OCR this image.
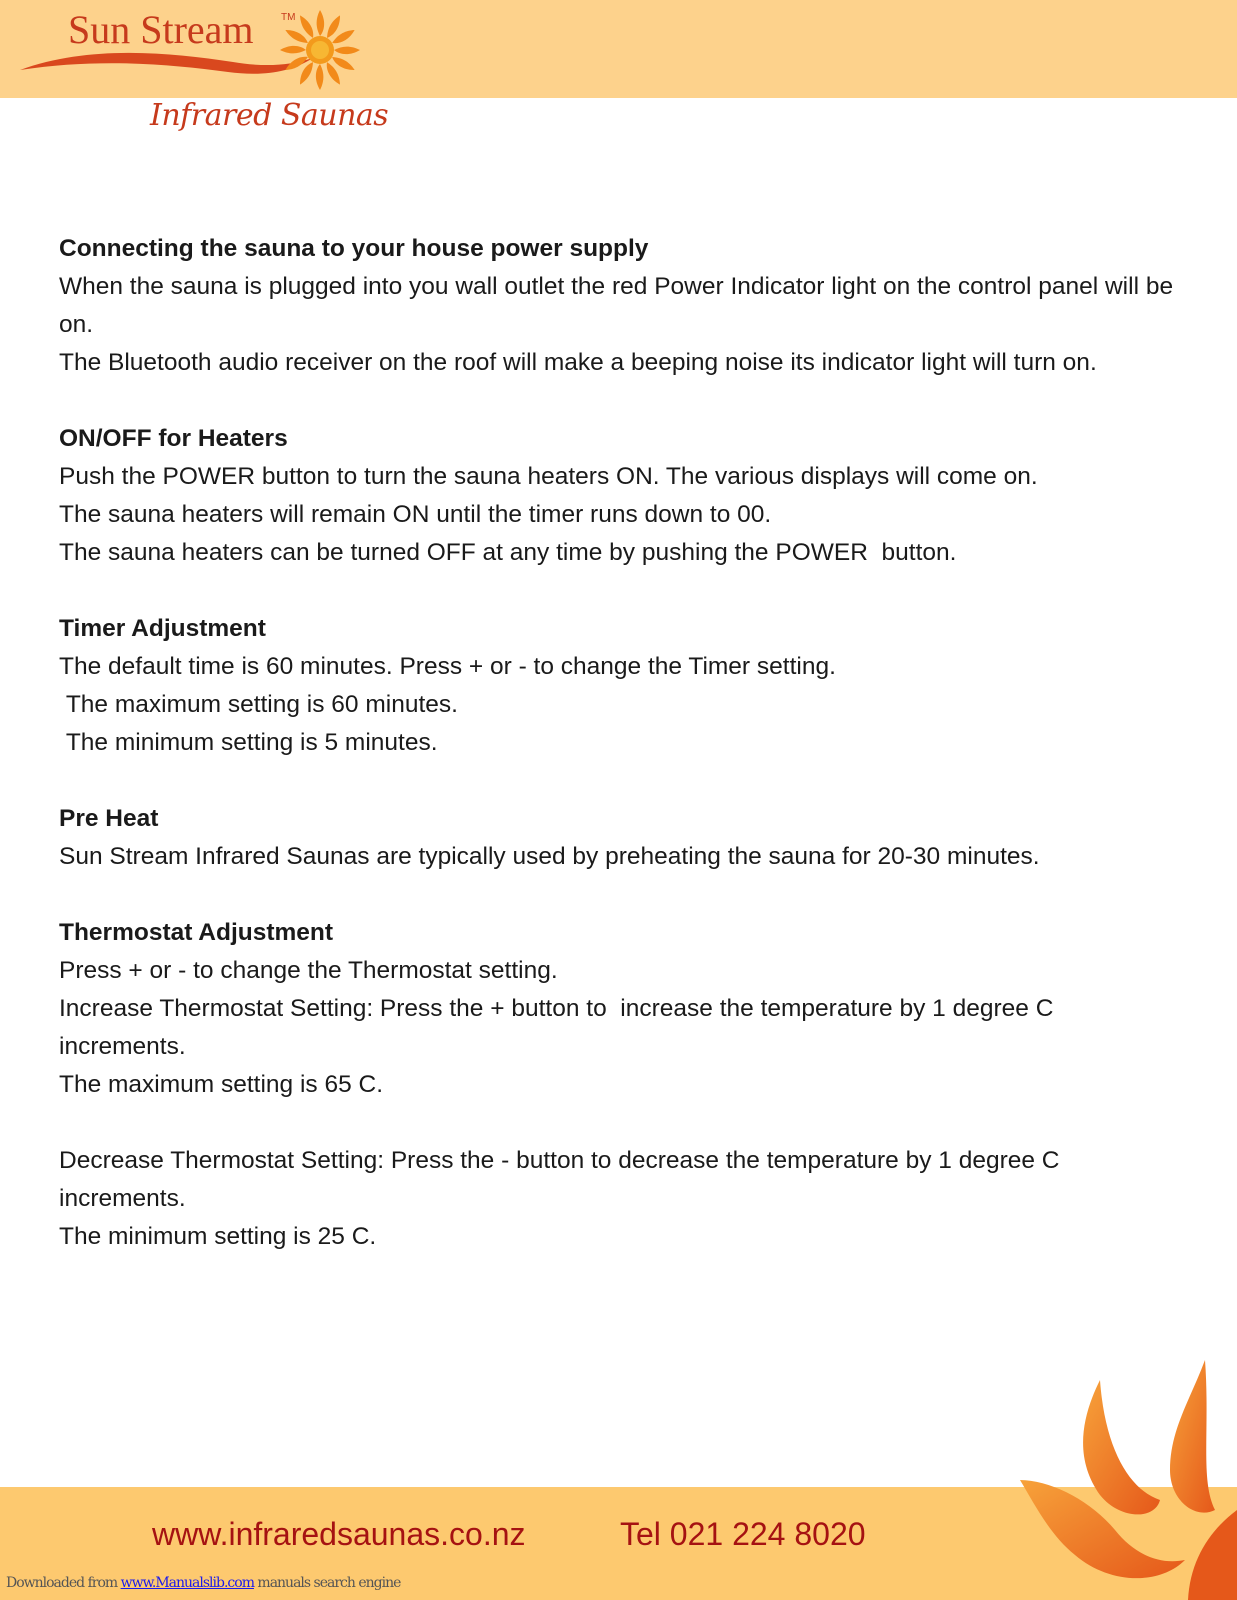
Sun Stream	TM
Infrared Saunas
Connecting the sauna to your house power supply
When the sauna is plugged into you wall outlet the red Power Indicator light on the control panel will be  on.
The Bluetooth audio receiver on the roof will make a beeping noise its indicator light will turn on.
ON/OFF for Heaters
Push the POWER button to turn the sauna heaters ON. The various displays will come on.
The sauna heaters will remain ON until the timer runs down to 00.
The sauna heaters can be turned OFF at any time by pushing the POWER  button.
Timer Adjustment
The default time is 60 minutes. Press + or - to change the Timer setting.
The maximum setting is 60 minutes.
The minimum setting is 5 minutes.
Pre Heat
Sun Stream Infrared Saunas are typically used by preheating the sauna for 20-30 minutes.
Thermostat Adjustment
Press + or - to change the Thermostat setting.
Increase Thermostat Setting: Press the + button to  increase the temperature by 1 degree C increments.
The maximum setting is 65 C.
Decrease Thermostat Setting: Press the - button to decrease the temperature by 1 degree C increments.
The minimum setting is 25 C.
www.infraredsaunas.co.nz	Tel 021 224 8020
Downloaded from www.Manualslib.com manuals search engine
